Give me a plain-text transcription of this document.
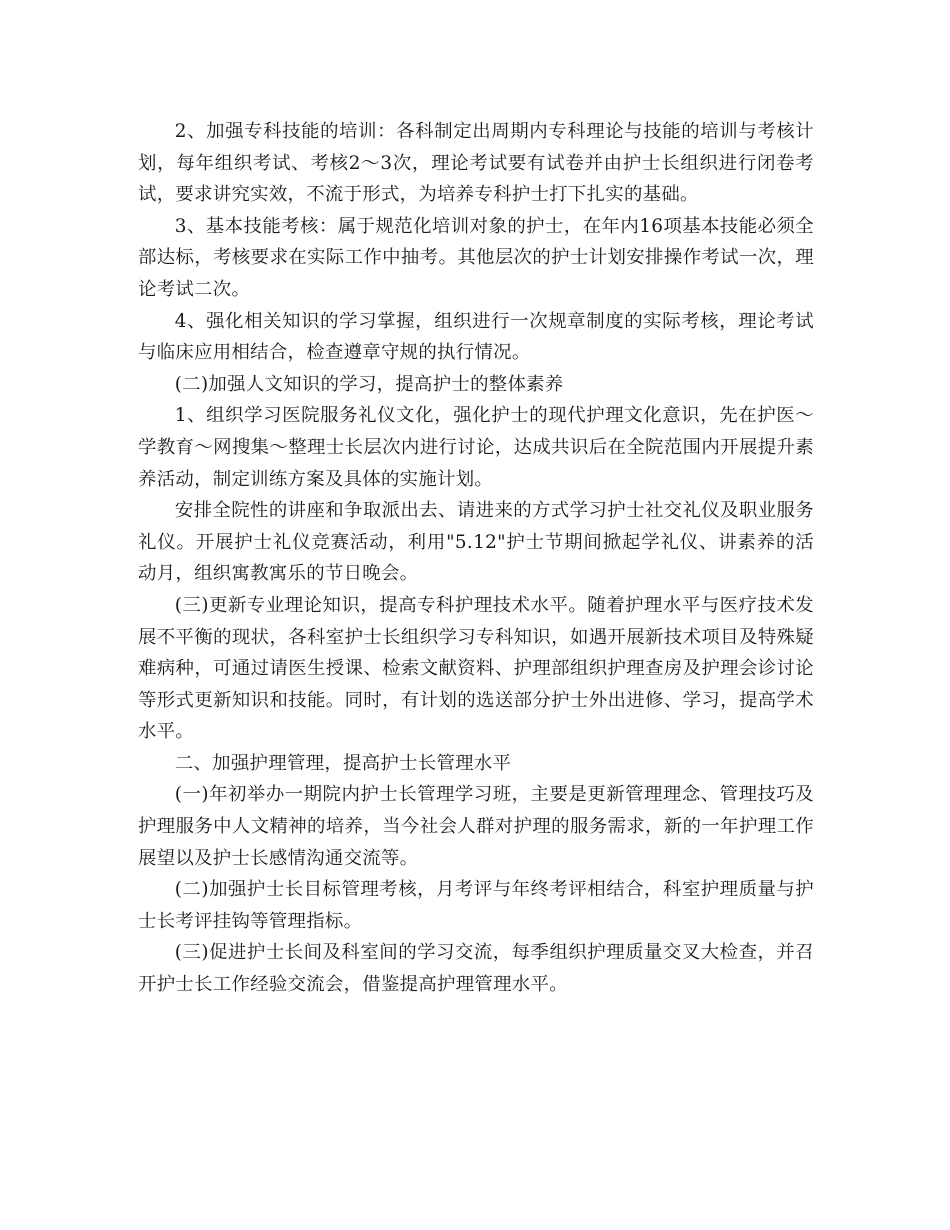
2、加强专科技能的培训：各科制定出周期内专科理论与技能的培训与考核计划，每年组织考试、考核2～3次，理论考试要有试卷并由护士长组织进行闭卷考试，要求讲究实效，不流于形式，为培养专科护士打下扎实的基础。

3、基本技能考核：属于规范化培训对象的护士，在年内16项基本技能必须全部达标，考核要求在实际工作中抽考。其他层次的护士计划安排操作考试一次，理论考试二次。

4、强化相关知识的学习掌握，组织进行一次规章制度的实际考核，理论考试与临床应用相结合，检查遵章守规的执行情况。

(二)加强人文知识的学习，提高护士的整体素养

1、组织学习医院服务礼仪文化，强化护士的现代护理文化意识，先在护医～学教育～网搜集～整理士长层次内进行讨论，达成共识后在全院范围内开展提升素养活动，制定训练方案及具体的实施计划。

安排全院性的讲座和争取派出去、请进来的方式学习护士社交礼仪及职业服务礼仪。开展护士礼仪竞赛活动，利用"5.12"护士节期间掀起学礼仪、讲素养的活动月，组织寓教寓乐的节日晚会。

(三)更新专业理论知识，提高专科护理技术水平。随着护理水平与医疗技术发展不平衡的现状，各科室护士长组织学习专科知识，如遇开展新技术项目及特殊疑难病种，可通过请医生授课、检索文献资料、护理部组织护理查房及护理会诊讨论等形式更新知识和技能。同时，有计划的选送部分护士外出进修、学习，提高学术水平。

二、加强护理管理，提高护士长管理水平

(一)年初举办一期院内护士长管理学习班，主要是更新管理理念、管理技巧及护理服务中人文精神的培养，当今社会人群对护理的服务需求，新的一年护理工作展望以及护士长感情沟通交流等。

(二)加强护士长目标管理考核，月考评与年终考评相结合，科室护理质量与护士长考评挂钩等管理指标。

(三)促进护士长间及科室间的学习交流，每季组织护理质量交叉大检查，并召开护士长工作经验交流会，借鉴提高护理管理水平。
